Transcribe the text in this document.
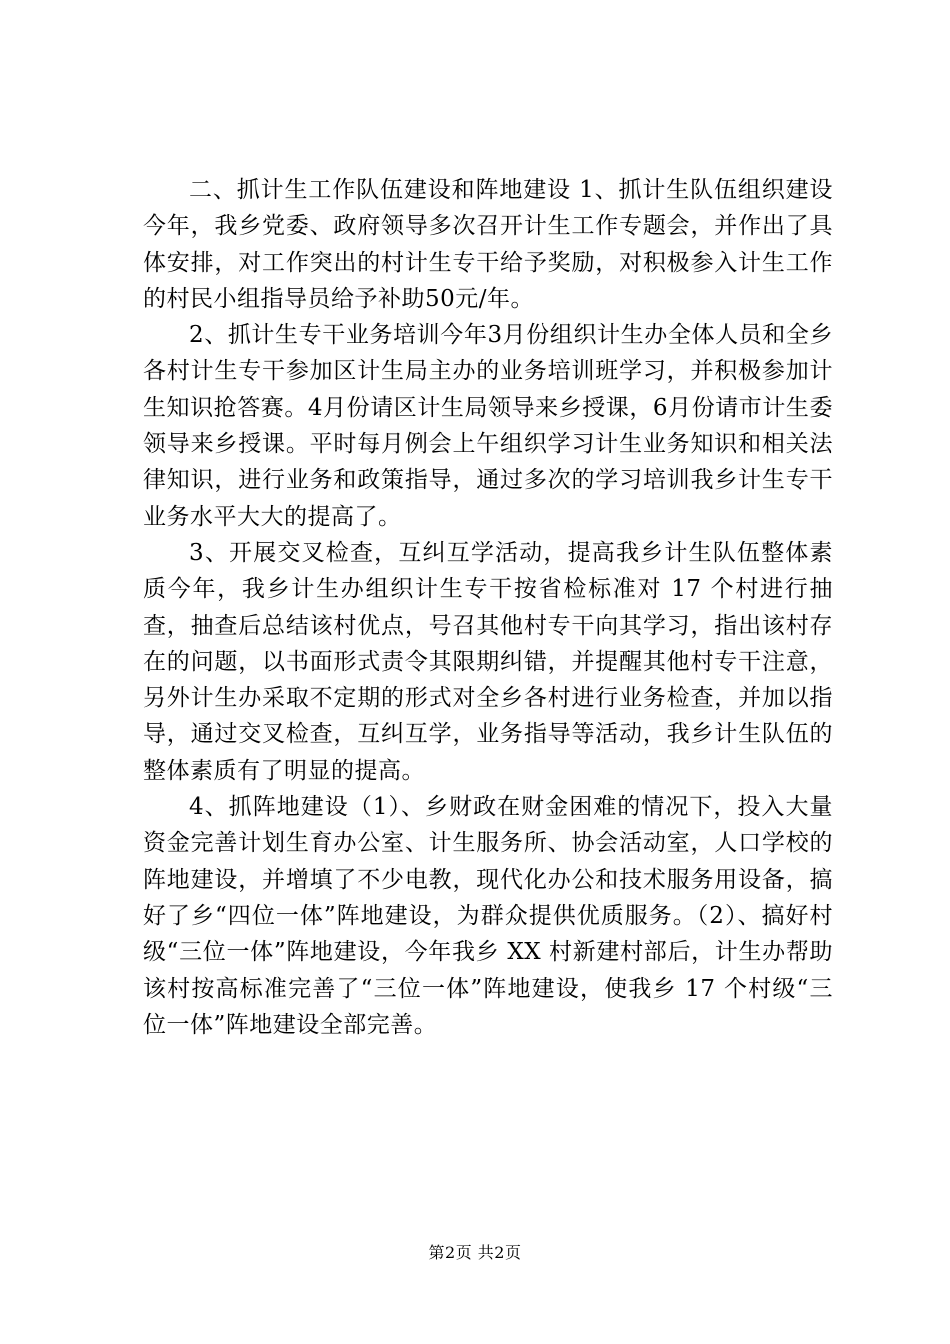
二、抓计生工作队伍建设和阵地建设 1、抓计生队伍组织建设今年，我乡党委、政府领导多次召开计生工作专题会，并作出了具体安排，对工作突出的村计生专干给予奖励，对积极参入计生工作的村民小组指导员给予补助50元/年。

2、抓计生专干业务培训今年3月份组织计生办全体人员和全乡各村计生专干参加区计生局主办的业务培训班学习，并积极参加计生知识抢答赛。4月份请区计生局领导来乡授课，6月份请市计生委领导来乡授课。平时每月例会上午组织学习计生业务知识和相关法律知识，进行业务和政策指导，通过多次的学习培训我乡计生专干业务水平大大的提高了。

3、开展交叉检查，互纠互学活动，提高我乡计生队伍整体素质今年，我乡计生办组织计生专干按省检标准对 17 个村进行抽查，抽查后总结该村优点，号召其他村专干向其学习，指出该村存在的问题，以书面形式责令其限期纠错，并提醒其他村专干注意，另外计生办采取不定期的形式对全乡各村进行业务检查，并加以指导，通过交叉检查，互纠互学，业务指导等活动，我乡计生队伍的整体素质有了明显的提高。

4、抓阵地建设（1）、乡财政在财金困难的情况下，投入大量资金完善计划生育办公室、计生服务所、协会活动室，人口学校的阵地建设，并增填了不少电教，现代化办公和技术服务用设备，搞好了乡“四位一体”阵地建设，为群众提供优质服务。（2）、搞好村级“三位一体”阵地建设，今年我乡 XX 村新建村部后，计生办帮助该村按高标准完善了“三位一体”阵地建设，使我乡 17 个村级“三位一体”阵地建设全部完善。

第2页 共2页
